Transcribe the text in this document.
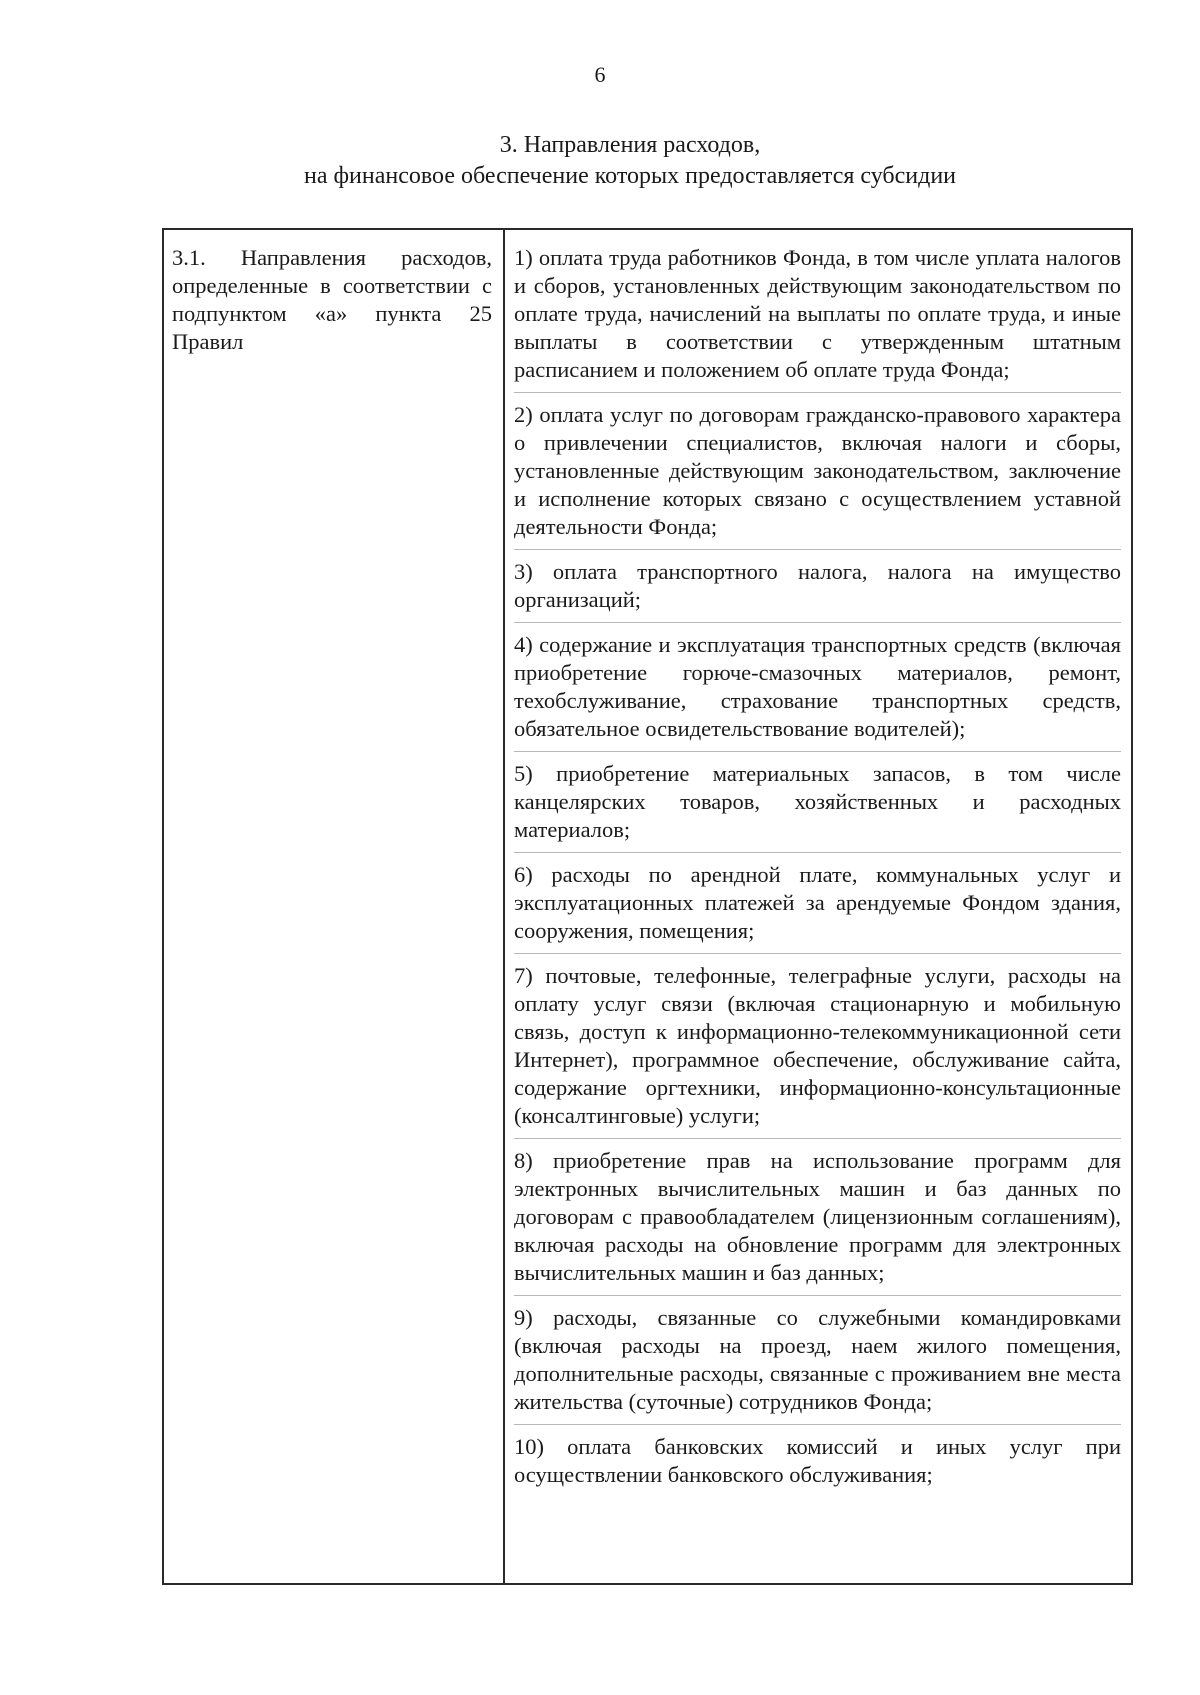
6
3. Направления расходов,
на финансовое обеспечение которых предоставляется субсидии
3.1. Направления расходов, определенные в соответствии с подпунктом «а» пункта 25 Правил
1) оплата труда работников Фонда, в том числе уплата налогов и сборов, установленных действующим законодательством по оплате труда, начислений на выплаты по оплате труда, и иные выплаты в соответствии с утвержденным штатным расписанием и положением об оплате труда Фонда;
2) оплата услуг по договорам гражданско-правового характера о привлечении специалистов, включая налоги и сборы, установленные действующим законодательством, заключение и исполнение которых связано с осуществлением уставной деятельности Фонда;
3) оплата транспортного налога, налога на имущество организаций;
4) содержание и эксплуатация транспортных средств (включая приобретение горюче-смазочных материалов, ремонт, техобслуживание, страхование транспортных средств, обязательное освидетельствование водителей);
5) приобретение материальных запасов, в том числе канцелярских товаров, хозяйственных и расходных материалов;
6) расходы по арендной плате, коммунальных услуг и эксплуатационных платежей за арендуемые Фондом здания, сооружения, помещения;
7) почтовые, телефонные, телеграфные услуги, расходы на оплату услуг связи (включая стационарную и мобильную связь, доступ к информационно-телекоммуникационной сети Интернет), программное обеспечение, обслуживание сайта, содержание оргтехники, информационно-консультационные (консалтинговые) услуги;
8) приобретение прав на использование программ для электронных вычислительных машин и баз данных по договорам с правообладателем (лицензионным соглашениям), включая расходы на обновление программ для электронных вычислительных машин и баз данных;
9) расходы, связанные со служебными командировками (включая расходы на проезд, наем жилого помещения, дополнительные расходы, связанные с проживанием вне места жительства (суточные) сотрудников Фонда;
10) оплата банковских комиссий и иных услуг при осуществлении банковского обслуживания;
